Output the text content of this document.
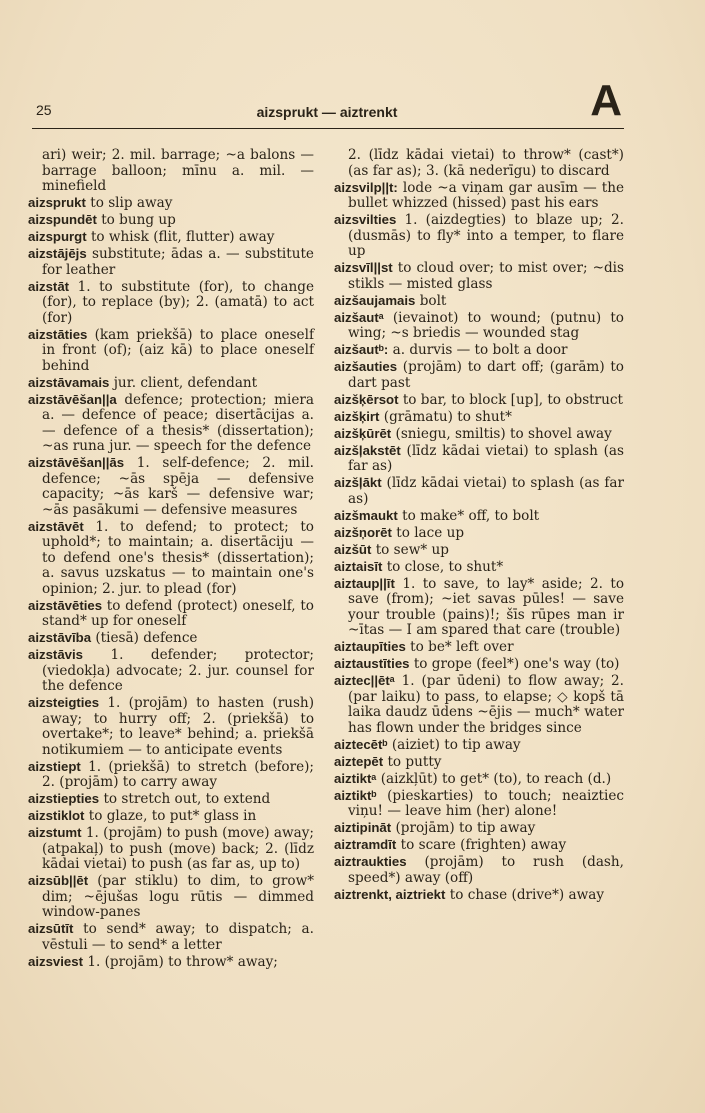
25	aizsprukt — aiztrenkt	A
ari) weir; 2. mil. barrage; ~a balons — barrage balloon; mīnu a. mil. — minefield
aizsprukt to slip away
aizspundēt to bung up
aizspurgt to whisk (flit, flutter) away
aizstājējs substitute; ādas a. — substitute for leather
aizstāt 1. to substitute (for), to change (for), to replace (by); 2. (amatā) to act (for)
aizstāties (kam priekšā) to place oneself in front (of); (aiz kā) to place oneself behind
aizstāvamais jur. client, defendant
aizstāvēšan||a defence; protection; miera a. — defence of peace; disertācijas a. — defence of a thesis* (dissertation); ~as runa jur. — speech for the defence
aizstāvēšan||ās 1. self-defence; 2. mil. defence; ~ās spēja — defensive capacity; ~ās karš — defensive war; ~ās pasākumi — defensive measures
aizstāvēt 1. to defend; to protect; to uphold*; to maintain; a. disertāciju — to defend one's thesis* (dissertation); a. savus uzskatus — to maintain one's opinion; 2. jur. to plead (for)
aizstāvēties to defend (protect) oneself, to stand* up for oneself
aizstāvība (tiesā) defence
aizstāvis 1. defender; protector; (viedokļa) advocate; 2. jur. counsel for the defence
aizsteigties 1. (projām) to hasten (rush) away; to hurry off; 2. (priekšā) to overtake*; to leave* behind; a. priekšā notikumiem — to anticipate events
aizstiept 1. (priekšā) to stretch (before); 2. (projām) to carry away
aizstiepties to stretch out, to extend
aizstiklot to glaze, to put* glass in
aizstumt 1. (projām) to push (move) away; (atpakaļ) to push (move) back; 2. (līdz kādai vietai) to push (as far as, up to)
aizsūb||ēt (par stiklu) to dim, to grow* dim; ~ējušas logu rūtis — dimmed window-panes
aizsūtīt to send* away; to dispatch; a. vēstuli — to send* a letter
aizsviest 1. (projām) to throw* away;
2. (līdz kādai vietai) to throw* (cast*) (as far as); 3. (kā nederīgu) to discard
aizsvilp||t: lode ~a viņam gar ausīm — the bullet whizzed (hissed) past his ears
aizsvilties 1. (aizdegties) to blaze up; 2. (dusmās) to fly* into a temper, to flare up
aizsvīl||st to cloud over; to mist over; ~dis stikls — misted glass
aizšaujamais bolt
aizšautᵃ (ievainot) to wound; (putnu) to wing; ~s briedis — wounded stag
aizšautᵇ: a. durvis — to bolt a door
aizšauties (projām) to dart off; (garām) to dart past
aizšķērsot to bar, to block [up], to obstruct
aizšķirt (grāmatu) to shut*
aizšķūrēt (sniegu, smiltis) to shovel away
aizšļakstēt (līdz kādai vietai) to splash (as far as)
aizšļākt (līdz kādai vietai) to splash (as far as)
aizšmaukt to make* off, to bolt
aizšņorēt to lace up
aizšūt to sew* up
aiztaisīt to close, to shut*
aiztaup||īt 1. to save, to lay* aside; 2. to save (from); ~iet savas pūles! — save your trouble (pains)!; šīs rūpes man ir ~ītas — I am spared that care (trouble)
aiztaupīties to be* left over
aiztaustīties to grope (feel*) one's way (to)
aiztec||ētᵃ 1. (par ūdeni) to flow away; 2. (par laiku) to pass, to elapse; ◇ kopš tā laika daudz ūdens ~ējis — much* water has flown under the bridges since
aiztecētᵇ (aiziet) to tip away
aiztepēt to putty
aiztiktᵃ (aizkļūt) to get* (to), to reach (d.)
aiztiktᵇ (pieskarties) to touch; neaiztiec viņu! — leave him (her) alone!
aiztipināt (projām) to tip away
aiztramdīt to scare (frighten) away
aiztraukties (projām) to rush (dash, speed*) away (off)
aiztrenkt, aiztriekt to chase (drive*) away
